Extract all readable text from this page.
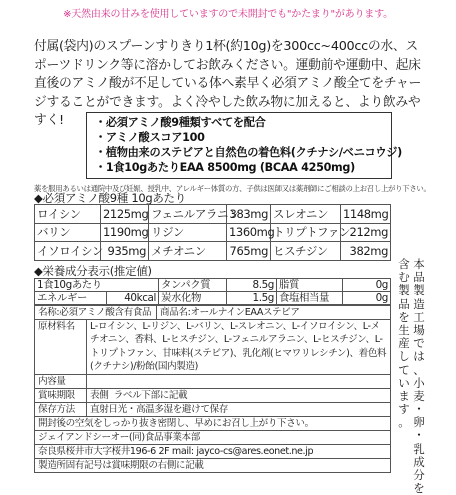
※天然由来の甘みを使用していますので未開封でも"かたまり"があります。
付属(袋内)のスプーンすりきり1杯(約10g)を300cc~400ccの水、スポーツドリンク等に溶かしてお飲みください。運動前や運動中、起床直後のアミノ酸が不足している体へ素早く必須アミノ酸全てをチャージすることができます。よく冷やした飲み物に加えると、より飲みやすく!	・必須アミノ酸9種類すべてを配合
・アミノ酸スコア100
・植物由来のステビアと自然色の着色料(クチナシ/ベニコウジ)
・1食10gあたりEAA 8500mg (BCAA 4250mg)
薬を服用あるいは通院中及び妊娠、授乳中、アレルギー体質の方、子供は医師又は薬剤師にご相談の上お召し上がり下さい。
◆必須アミノ酸9種 10gあたり
ロイシン	2125mg	フェニルアラニン	383mg	スレオニン	1148mg
バリン	1190mg	リジン	1360mg	トリプトファン	212mg
イソロイシン	935mg	メチオニン	765mg	ヒスチジン	382mg
◆栄養成分表示(推定値)
1食10gあたり		タンパク質	8.5g	脂質	0g
エネルギー	40kcal	炭水化物	1.5g	食塩相当量	0g
名称:必須アミノ酸含有食品		商品名:オールナインEAAステビア
原材料名	L-ロイシン、L-リジン、L-バリン、L-スレオニン、L-イソロイシン、L-メチオニン、香料、L-ヒスチジン、L-フェニルアラニン、L-ヒスチジン、L-トリプトファン、甘味料(ステビア)、乳化剤(ヒマワリレシチン)、着色料(クチナシ)/粉飴(国内製造)	
内容量		
賞味期限	表側 ラベル下部に記載	
保存方法	直射日光・高温多湿を避けて保存	
開封後の空気をしっかり抜き密閉し、早めにお召し上がり下さい。		
ジェイアンドシーオー(同)食品事業本部		
奈良県桜井市大字桜井196-6 2F mail: jayco-cs@ares.eonet.ne.jp		
製造所固有記号は賞味期限の右側に記載		
本
品
製
造
工
場
で
は
、
小
麦
・
卵
・
乳
成
分
を
含
む
製
品
を
生
産
し
て
い
ま
す
。
